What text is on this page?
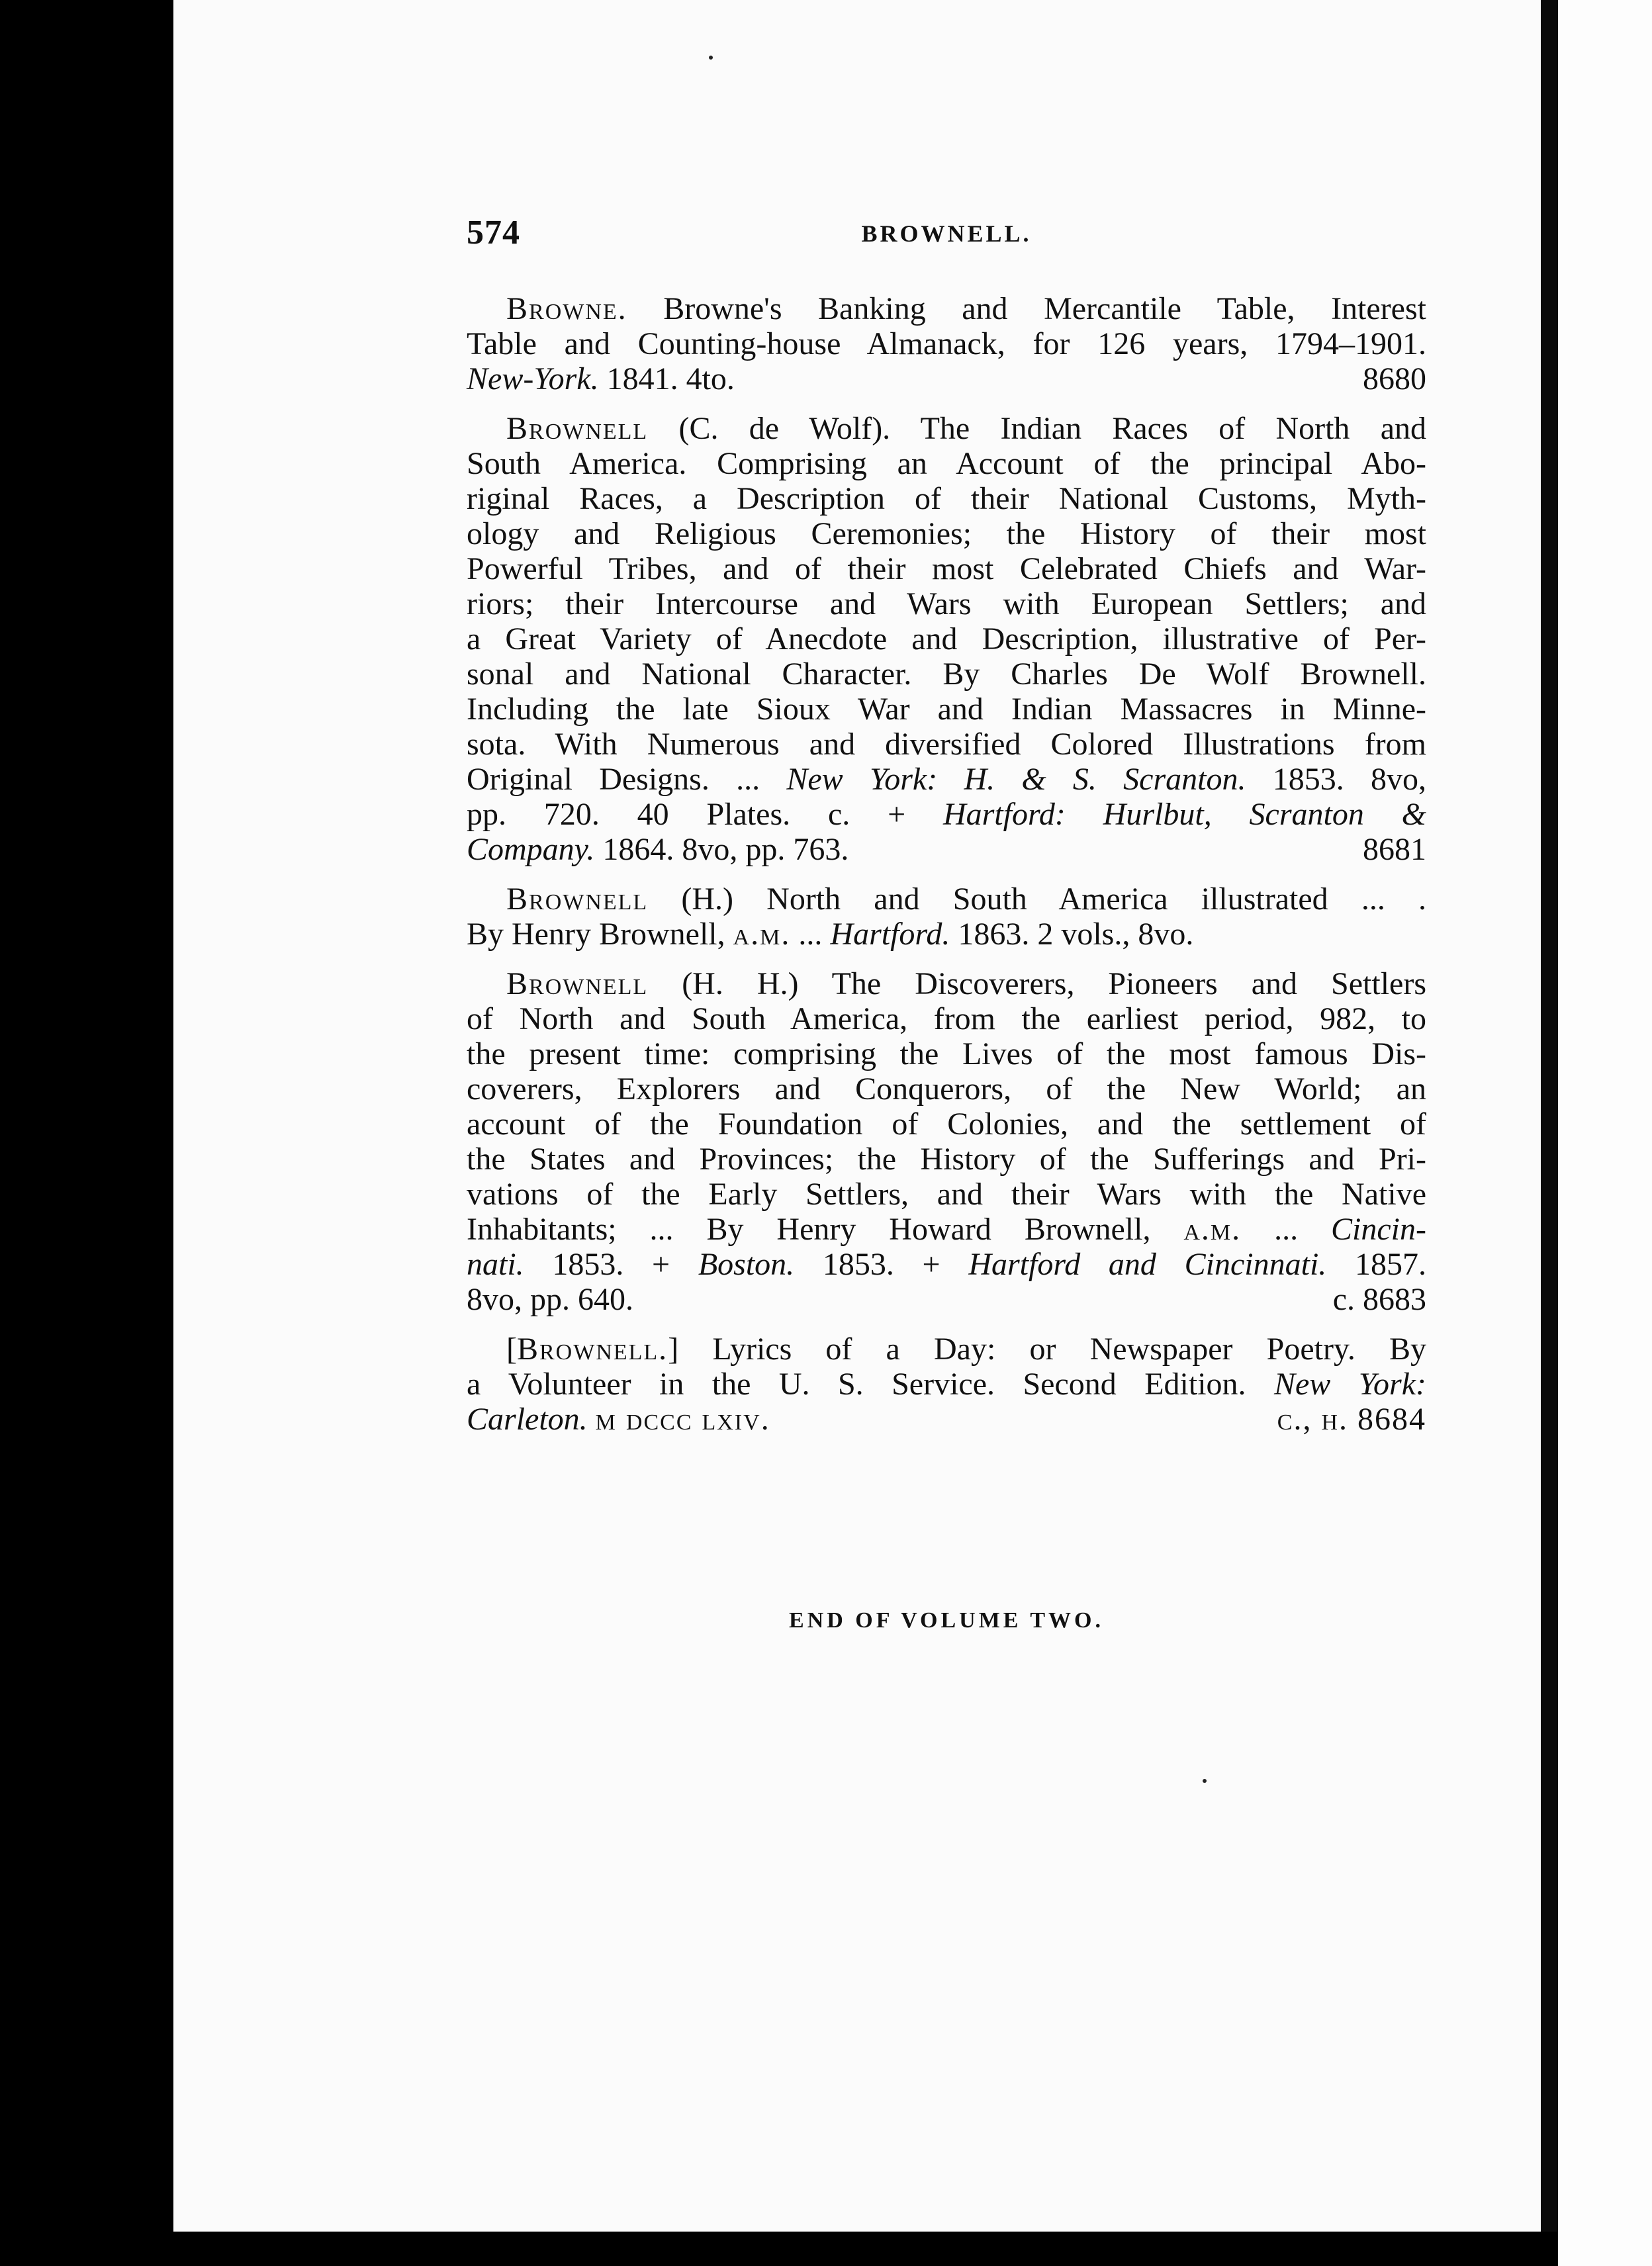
574	BROWNELL.
Browne. Browne's Banking and Mercantile Table, Interest
Table and Counting-house Almanack, for 126 years, 1794–1901.
New-York. 1841. 4to.	8680
Brownell (C. de Wolf). The Indian Races of North and
South America. Comprising an Account of the principal Abo-
riginal Races, a Description of their National Customs, Myth-
ology and Religious Ceremonies; the History of their most
Powerful Tribes, and of their most Celebrated Chiefs and War-
riors; their Intercourse and Wars with European Settlers; and
a Great Variety of Anecdote and Description, illustrative of Per-
sonal and National Character. By Charles De Wolf Brownell.
Including the late Sioux War and Indian Massacres in Minne-
sota. With Numerous and diversified Colored Illustrations from
Original Designs. ... New York: H. & S. Scranton. 1853. 8vo,
pp. 720. 40 Plates. c. + Hartford: Hurlbut, Scranton &
Company. 1864. 8vo, pp. 763.	8681
Brownell (H.) North and South America illustrated ... .
By Henry Brownell, a.m. ... Hartford. 1863. 2 vols., 8vo.
Brownell (H. H.) The Discoverers, Pioneers and Settlers
of North and South America, from the earliest period, 982, to
the present time: comprising the Lives of the most famous Dis-
coverers, Explorers and Conquerors, of the New World; an
account of the Foundation of Colonies, and the settlement of
the States and Provinces; the History of the Sufferings and Pri-
vations of the Early Settlers, and their Wars with the Native
Inhabitants; ... By Henry Howard Brownell, a.m. ... Cincin-
nati. 1853. + Boston. 1853. + Hartford and Cincinnati. 1857.
8vo, pp. 640.	c. 8683
[Brownell.] Lyrics of a Day: or Newspaper Poetry. By
a Volunteer in the U. S. Service. Second Edition. New York:
Carleton. m dccc lxiv.	c., h. 8684
END OF VOLUME TWO.
